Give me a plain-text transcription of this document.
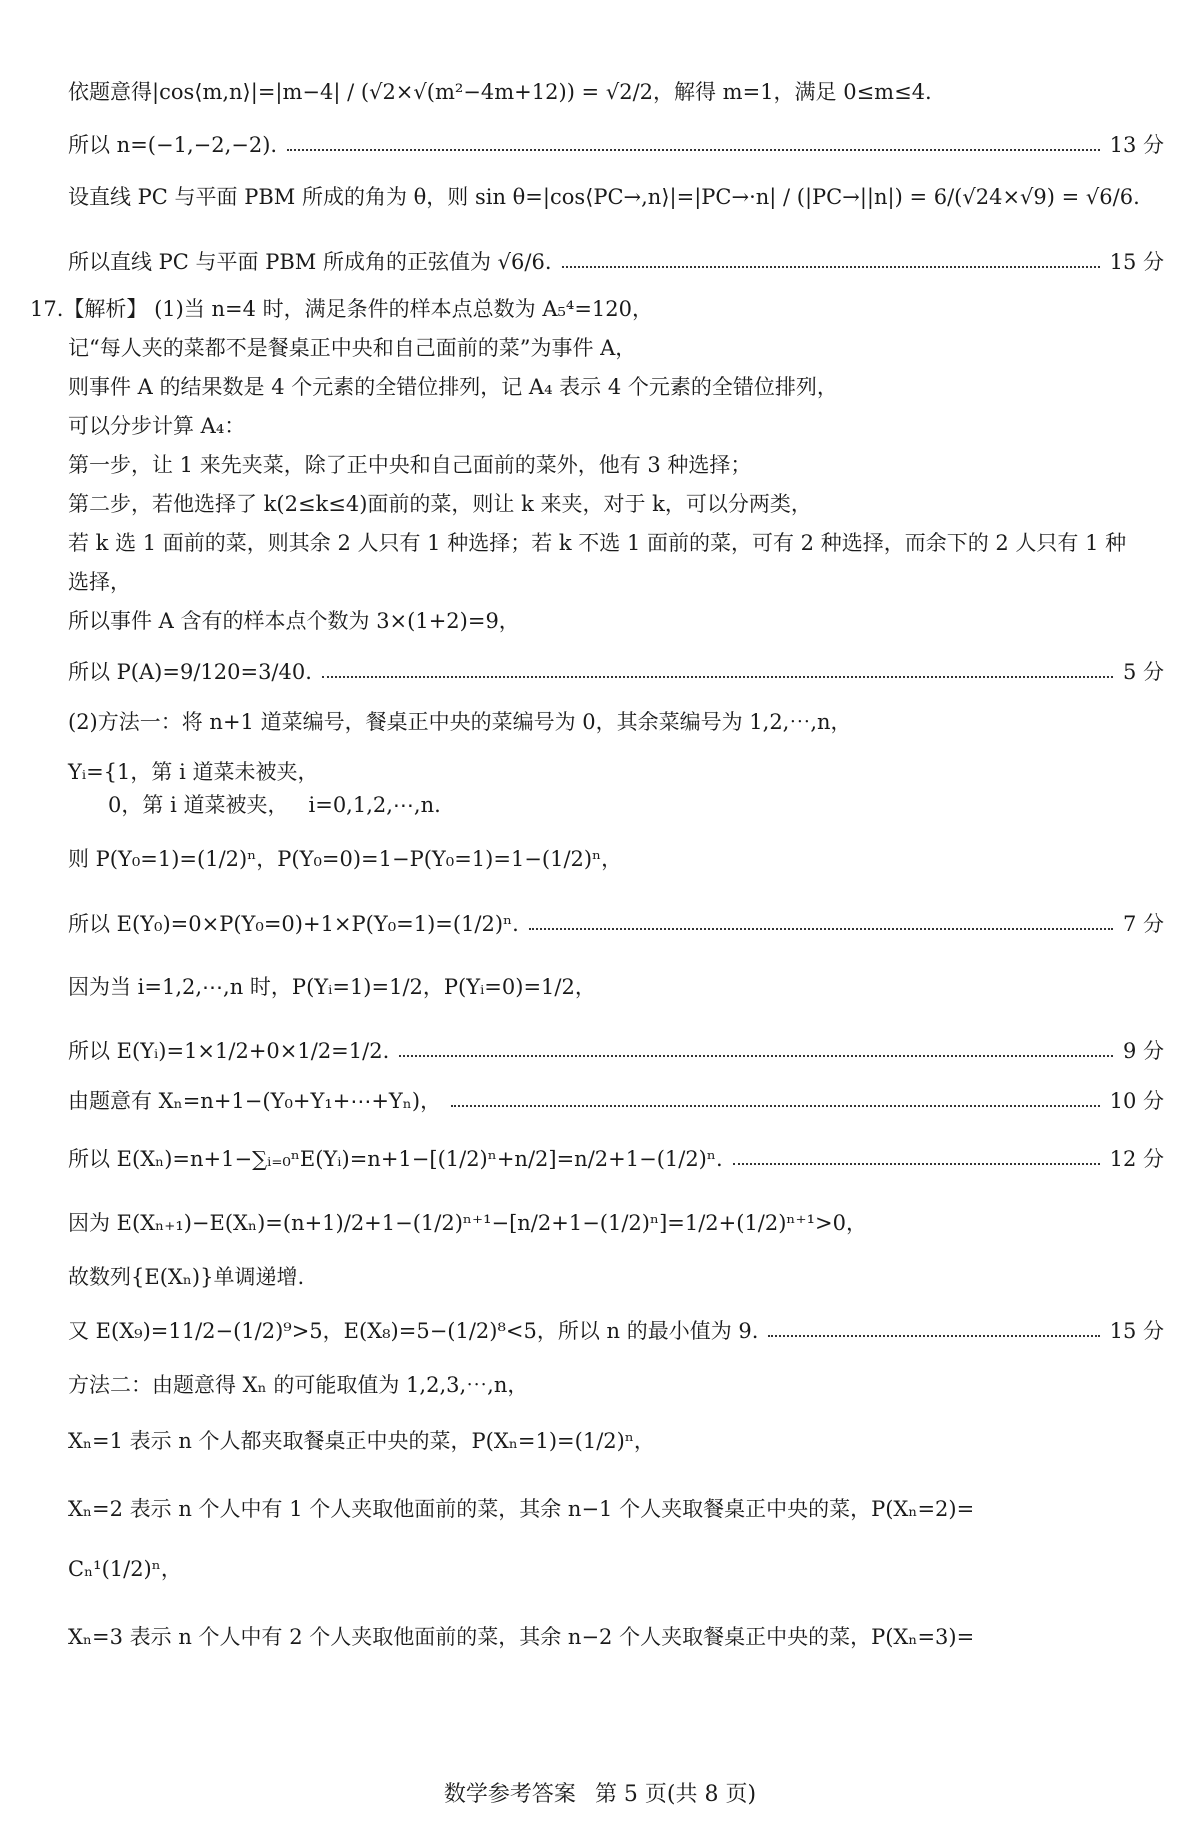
依题意得|cos⟨m,n⟩|=|m−4| / (√2×√(m²−4m+12)) = √2/2，解得 m=1，满足 0≤m≤4.
所以 n=(−1,−2,−2).	13 分
设直线 PC 与平面 PBM 所成的角为 θ，则 sin θ=|cos⟨PC→,n⟩|=|PC→·n| / (|PC→||n|) = 6/(√24×√9) = √6/6.
所以直线 PC 与平面 PBM 所成角的正弦值为 √6/6.	15 分
17.【解析】 (1)当 n=4 时，满足条件的样本点总数为 A₅⁴=120，
记“每人夹的菜都不是餐桌正中央和自己面前的菜”为事件 A，
则事件 A 的结果数是 4 个元素的全错位排列，记 A₄ 表示 4 个元素的全错位排列，
可以分步计算 A₄：
第一步，让 1 来先夹菜，除了正中央和自己面前的菜外，他有 3 种选择；
第二步，若他选择了 k(2≤k≤4)面前的菜，则让 k 来夹，对于 k，可以分两类，
若 k 选 1 面前的菜，则其余 2 人只有 1 种选择；若 k 不选 1 面前的菜，可有 2 种选择，而余下的 2 人只有 1 种
选择，
所以事件 A 含有的样本点个数为 3×(1+2)=9，
所以 P(A)=9/120=3/40.	5 分
(2)方法一：将 n+1 道菜编号，餐桌正中央的菜编号为 0，其余菜编号为 1,2,⋯,n，
Yᵢ={1，第 i 道菜未被夹，
0，第 i 道菜被夹，   i=0,1,2,⋯,n.
则 P(Y₀=1)=(1/2)ⁿ，P(Y₀=0)=1−P(Y₀=1)=1−(1/2)ⁿ，
所以 E(Y₀)=0×P(Y₀=0)+1×P(Y₀=1)=(1/2)ⁿ.	7 分
因为当 i=1,2,⋯,n 时，P(Yᵢ=1)=1/2，P(Yᵢ=0)=1/2，
所以 E(Yᵢ)=1×1/2+0×1/2=1/2.	9 分
由题意有 Xₙ=n+1−(Y₀+Y₁+⋯+Yₙ)，	10 分
所以 E(Xₙ)=n+1−∑ᵢ₌₀ⁿE(Yᵢ)=n+1−[(1/2)ⁿ+n/2]=n/2+1−(1/2)ⁿ.	12 分
因为 E(Xₙ₊₁)−E(Xₙ)=(n+1)/2+1−(1/2)ⁿ⁺¹−[n/2+1−(1/2)ⁿ]=1/2+(1/2)ⁿ⁺¹>0，
故数列{E(Xₙ)}单调递增.
又 E(X₉)=11/2−(1/2)⁹>5，E(X₈)=5−(1/2)⁸<5，所以 n 的最小值为 9.	15 分
方法二：由题意得 Xₙ 的可能取值为 1,2,3,⋯,n，
Xₙ=1 表示 n 个人都夹取餐桌正中央的菜，P(Xₙ=1)=(1/2)ⁿ，
Xₙ=2 表示 n 个人中有 1 个人夹取他面前的菜，其余 n−1 个人夹取餐桌正中央的菜，P(Xₙ=2)=
Cₙ¹(1/2)ⁿ，
Xₙ=3 表示 n 个人中有 2 个人夹取他面前的菜，其余 n−2 个人夹取餐桌正中央的菜，P(Xₙ=3)=
数学参考答案 第 5 页(共 8 页)
